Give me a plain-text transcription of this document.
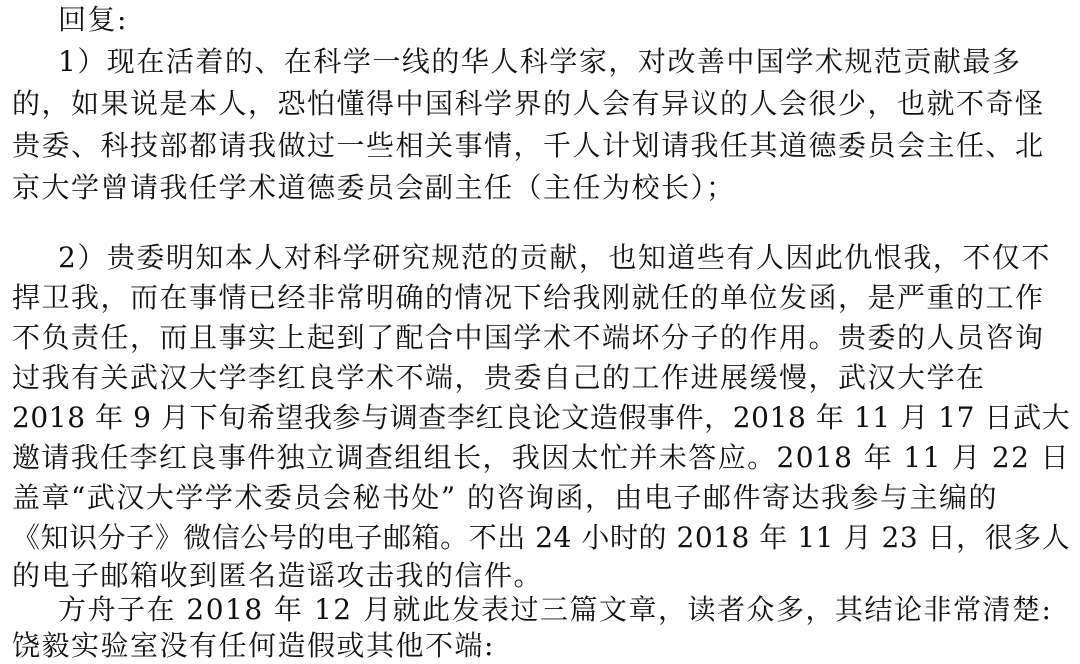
回复:
1）现在活着的、在科学一线的华人科学家，对改善中国学术规范贡献最多
的，如果说是本人，恐怕懂得中国科学界的人会有异议的人会很少，也就不奇怪
贵委、科技部都请我做过一些相关事情，千人计划请我任其道德委员会主任、北
京大学曾请我任学术道德委员会副主任（主任为校长）；
2）贵委明知本人对科学研究规范的贡献，也知道些有人因此仇恨我，不仅不
捍卫我，而在事情已经非常明确的情况下给我刚就任的单位发函，是严重的工作
不负责任，而且事实上起到了配合中国学术不端坏分子的作用。贵委的人员咨询
过我有关武汉大学李红良学术不端，贵委自己的工作进展缓慢，武汉大学在
2018 年 9 月下旬希望我参与调查李红良论文造假事件，2018 年 11 月 17 日武大
邀请我任李红良事件独立调查组组长，我因太忙并未答应。2018 年 11 月 22 日
盖章“武汉大学学术委员会秘书处” 的咨询函，由电子邮件寄达我参与主编的
《知识分子》微信公号的电子邮箱。不出 24 小时的 2018 年 11 月 23 日，很多人
的电子邮箱收到匿名造谣攻击我的信件。
方舟子在 2018 年 12 月就此发表过三篇文章，读者众多，其结论非常清楚:
饶毅实验室没有任何造假或其他不端:
